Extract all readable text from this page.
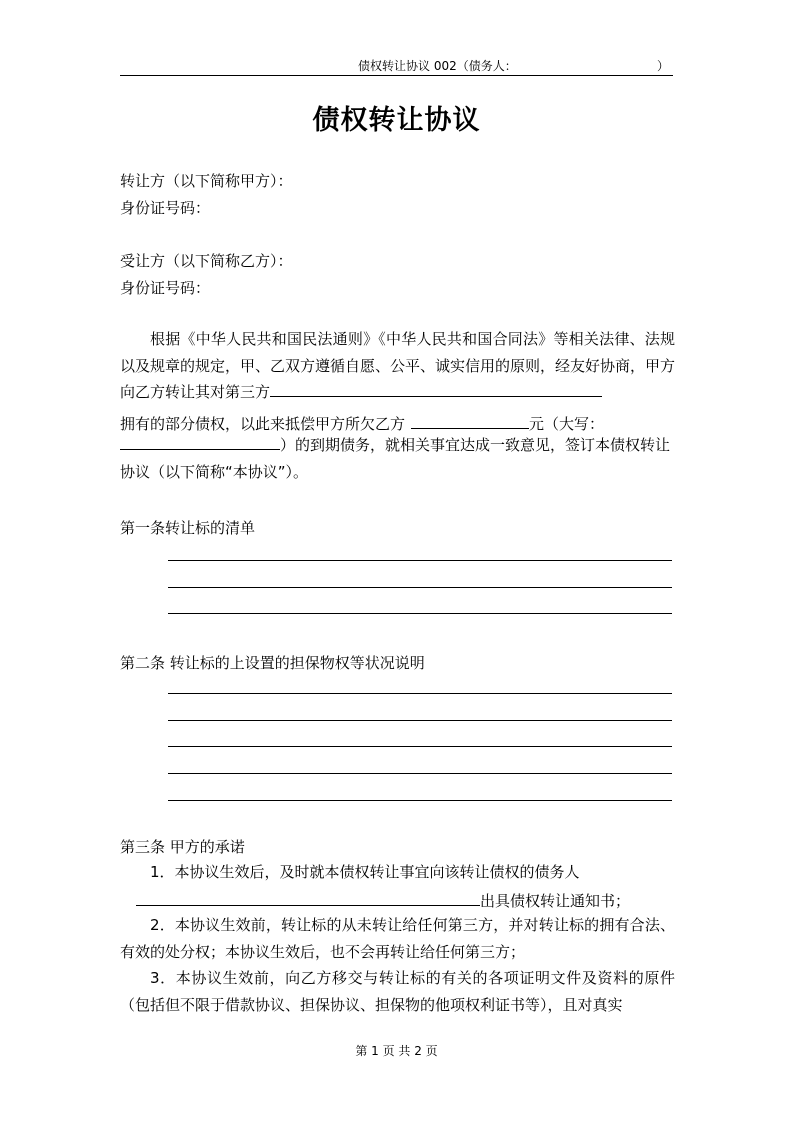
债权转让协议 002（债务人：	）
债权转让协议
转让方（以下简称甲方）：
身份证号码：
受让方（以下简称乙方）：
身份证号码：
根据《中华人民共和国民法通则》《中华人民共和国合同法》等相关法律、法规以及规章的规定，甲、乙双方遵循自愿、公平、诚实信用的原则，经友好协商，甲方向乙方转让其对第三方
拥有的部分债权，以此来抵偿甲方所欠乙方	元（大写：
）的到期债务，就相关事宜达成一致意见，签订本债权转让协议（以下简称“本协议”）。
第一条转让标的清单
第二条 转让标的上设置的担保物权等状况说明
第三条 甲方的承诺
1．本协议生效后，及时就本债权转让事宜向该转让债权的债务人
出具债权转让通知书；
2．本协议生效前，转让标的从未转让给任何第三方，并对转让标的拥有合法、有效的处分权；本协议生效后，也不会再转让给任何第三方；
3．本协议生效前，向乙方移交与转让标的有关的各项证明文件及资料的原件（包括但不限于借款协议、担保协议、担保物的他项权利证书等），且对真实
第 1 页 共 2 页
